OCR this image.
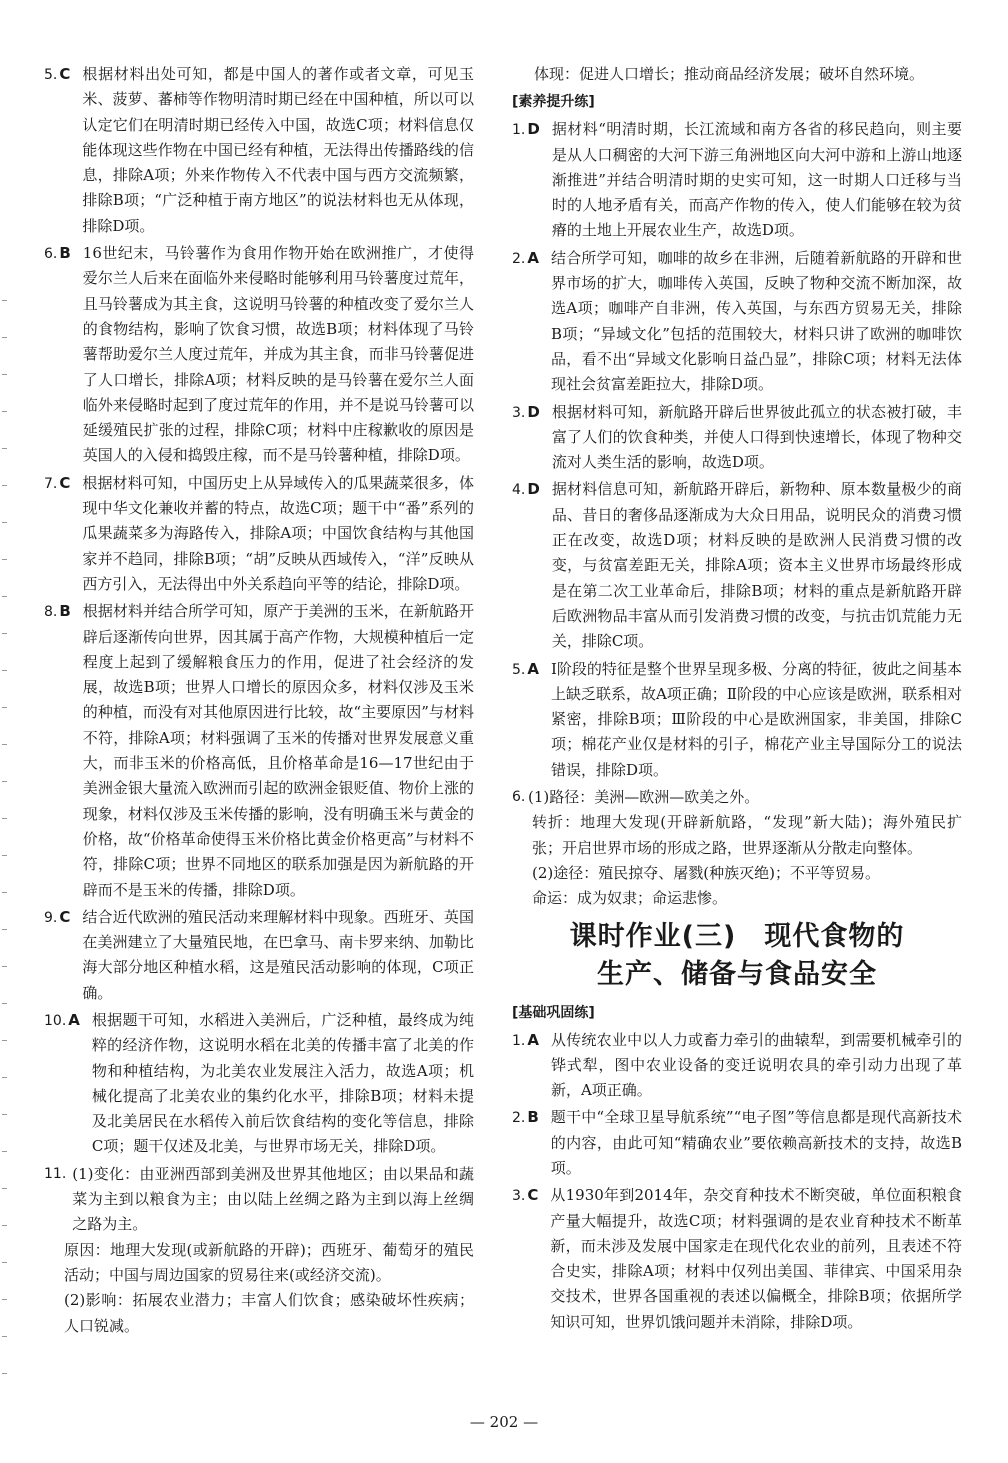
5. C 根据材料出处可知，都是中国人的著作或者文章，可见玉米、菠萝、蕃柿等作物明清时期已经在中国种植，所以可以认定它们在明清时期已经传入中国，故选C项；材料信息仅能体现这些作物在中国已经有种植，无法得出传播路线的信息，排除A项；外来作物传入不代表中国与西方交流频繁，排除B项；“广泛种植于南方地区”的说法材料也无从体现，排除D项。
6. B 16世纪末，马铃薯作为食用作物开始在欧洲推广，才使得爱尔兰人后来在面临外来侵略时能够利用马铃薯度过荒年，且马铃薯成为其主食，这说明马铃薯的种植改变了爱尔兰人的食物结构，影响了饮食习惯，故选B项；材料体现了马铃薯帮助爱尔兰人度过荒年，并成为其主食，而非马铃薯促进了人口增长，排除A项；材料反映的是马铃薯在爱尔兰人面临外来侵略时起到了度过荒年的作用，并不是说马铃薯可以延缓殖民扩张的过程，排除C项；材料中庄稼歉收的原因是英国人的入侵和捣毁庄稼，而不是马铃薯种植，排除D项。
7. C 根据材料可知，中国历史上从异域传入的瓜果蔬菜很多，体现中华文化兼收并蓄的特点，故选C项；题干中“番”系列的瓜果蔬菜多为海路传入，排除A项；中国饮食结构与其他国家并不趋同，排除B项；“胡”反映从西域传入，“洋”反映从西方引入，无法得出中外关系趋向平等的结论，排除D项。
8. B 根据材料并结合所学可知，原产于美洲的玉米，在新航路开辟后逐渐传向世界，因其属于高产作物，大规模种植后一定程度上起到了缓解粮食压力的作用，促进了社会经济的发展，故选B项；世界人口增长的原因众多，材料仅涉及玉米的种植，而没有对其他原因进行比较，故“主要原因”与材料不符，排除A项；材料强调了玉米的传播对世界发展意义重大，而非玉米的价格高低，且价格革命是16—17世纪由于美洲金银大量流入欧洲而引起的欧洲金银贬值、物价上涨的现象，材料仅涉及玉米传播的影响，没有明确玉米与黄金的价格，故“价格革命使得玉米价格比黄金价格更高”与材料不符，排除C项；世界不同地区的联系加强是因为新航路的开辟而不是玉米的传播，排除D项。
9. C 结合近代欧洲的殖民活动来理解材料中现象。西班牙、英国在美洲建立了大量殖民地，在巴拿马、南卡罗来纳、加勒比海大部分地区种植水稻，这是殖民活动影响的体现，C项正确。
10. A 根据题干可知，水稻进入美洲后，广泛种植，最终成为纯粹的经济作物，这说明水稻在北美的传播丰富了北美的作物和种植结构，为北美农业发展注入活力，故选A项；机械化提高了北美农业的集约化水平，排除B项；材料未提及北美居民在水稻传入前后饮食结构的变化等信息，排除C项；题干仅述及北美，与世界市场无关，排除D项。
11. (1)变化：由亚洲西部到美洲及世界其他地区；由以果品和蔬菜为主到以粮食为主；由以陆上丝绸之路为主到以海上丝绸之路为主。
原因：地理大发现(或新航路的开辟)；西班牙、葡萄牙的殖民活动；中国与周边国家的贸易往来(或经济交流)。
(2)影响：拓展农业潜力；丰富人们饮食；感染破坏性疾病；人口锐减。
体现：促进人口增长；推动商品经济发展；破坏自然环境。
[素养提升练]
1. D 据材料“明清时期，长江流域和南方各省的移民趋向，则主要是从人口稠密的大河下游三角洲地区向大河中游和上游山地逐渐推进”并结合明清时期的史实可知，这一时期人口迁移与当时的人地矛盾有关，而高产作物的传入，使人们能够在较为贫瘠的土地上开展农业生产，故选D项。
2. A 结合所学可知，咖啡的故乡在非洲，后随着新航路的开辟和世界市场的扩大，咖啡传入英国，反映了物种交流不断加深，故选A项；咖啡产自非洲，传入英国，与东西方贸易无关，排除B项；“异域文化”包括的范围较大，材料只讲了欧洲的咖啡饮品，看不出“异域文化影响日益凸显”，排除C项；材料无法体现社会贫富差距拉大，排除D项。
3. D 根据材料可知，新航路开辟后世界彼此孤立的状态被打破，丰富了人们的饮食种类，并使人口得到快速增长，体现了物种交流对人类生活的影响，故选D项。
4. D 据材料信息可知，新航路开辟后，新物种、原本数量极少的商品、昔日的奢侈品逐渐成为大众日用品，说明民众的消费习惯正在改变，故选D项；材料反映的是欧洲人民消费习惯的改变，与贫富差距无关，排除A项；资本主义世界市场最终形成是在第二次工业革命后，排除B项；材料的重点是新航路开辟后欧洲物品丰富从而引发消费习惯的改变，与抗击饥荒能力无关，排除C项。
5. A Ⅰ阶段的特征是整个世界呈现多极、分离的特征，彼此之间基本上缺乏联系，故A项正确；Ⅱ阶段的中心应该是欧洲，联系相对紧密，排除B项；Ⅲ阶段的中心是欧洲国家，非美国，排除C项；棉花产业仅是材料的引子，棉花产业主导国际分工的说法错误，排除D项。
6. (1)路径：美洲—欧洲—欧美之外。
转折：地理大发现(开辟新航路，“发现”新大陆)；海外殖民扩张；开启世界市场的形成之路，世界逐渐从分散走向整体。
(2)途径：殖民掠夺、屠戮(种族灭绝)；不平等贸易。
命运：成为奴隶；命运悲惨。
课时作业(三)　现代食物的
生产、储备与食品安全
[基础巩固练]
1. A 从传统农业中以人力或畜力牵引的曲辕犁，到需要机械牵引的铧式犁，图中农业设备的变迁说明农具的牵引动力出现了革新，A项正确。
2. B 题干中“全球卫星导航系统”“电子图”等信息都是现代高新技术的内容，由此可知“精确农业”要依赖高新技术的支持，故选B项。
3. C 从1930年到2014年，杂交育种技术不断突破，单位面积粮食产量大幅提升，故选C项；材料强调的是农业育种技术不断革新，而未涉及发展中国家走在现代化农业的前列，且表述不符合史实，排除A项；材料中仅列出美国、菲律宾、中国采用杂交技术，世界各国重视的表述以偏概全，排除B项；依据所学知识可知，世界饥饿问题并未消除，排除D项。
— 202 —
